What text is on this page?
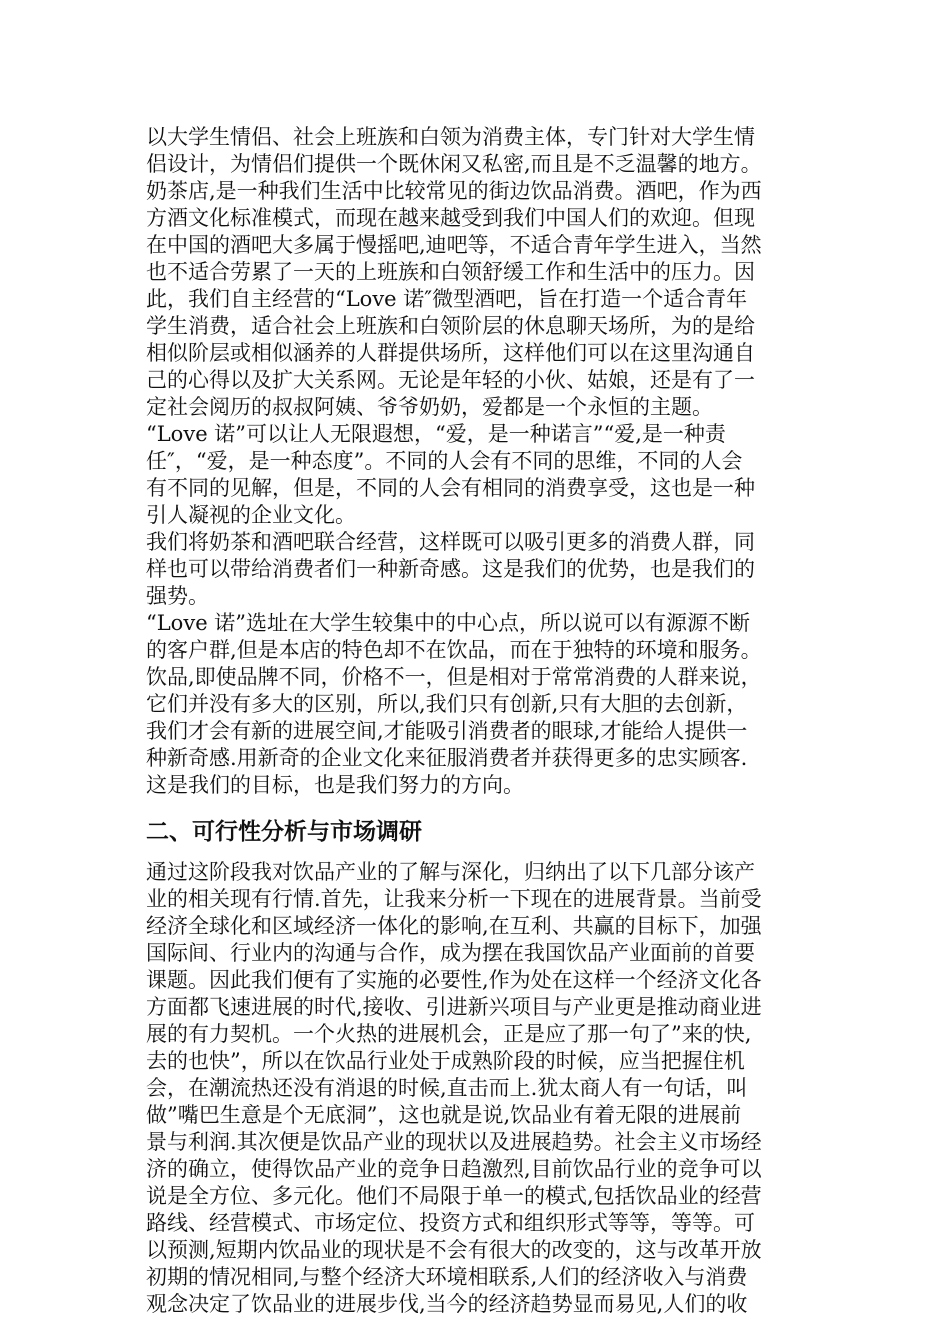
以大学生情侣、社会上班族和白领为消费主体，专门针对大学生情
侣设计，为情侣们提供一个既休闲又私密,而且是不乏温馨的地方。
奶茶店,是一种我们生活中比较常见的街边饮品消费。酒吧，作为西
方酒文化标准模式，而现在越来越受到我们中国人们的欢迎。但现
在中国的酒吧大多属于慢摇吧,迪吧等，不适合青年学生进入，当然
也不适合劳累了一天的上班族和白领舒缓工作和生活中的压力。因
此，我们自主经营的“Love 诺″微型酒吧，旨在打造一个适合青年
学生消费，适合社会上班族和白领阶层的休息聊天场所，为的是给
相似阶层或相似涵养的人群提供场所，这样他们可以在这里沟通自
己的心得以及扩大关系网。无论是年轻的小伙、姑娘，还是有了一
定社会阅历的叔叔阿姨、爷爷奶奶，爱都是一个永恒的主题。
“Love 诺”可以让人无限遐想，“爱，是一种诺言”“爱,是一种责
任″，“爱，是一种态度”。不同的人会有不同的思维，不同的人会
有不同的见解，但是，不同的人会有相同的消费享受，这也是一种
引人凝视的企业文化。
我们将奶茶和酒吧联合经营，这样既可以吸引更多的消费人群，同
样也可以带给消费者们一种新奇感。这是我们的优势，也是我们的
强势。
“Love 诺”选址在大学生较集中的中心点，所以说可以有源源不断
的客户群,但是本店的特色却不在饮品，而在于独特的环境和服务。
饮品,即使品牌不同，价格不一，但是相对于常常消费的人群来说，
它们并没有多大的区别，所以,我们只有创新,只有大胆的去创新，
我们才会有新的进展空间,才能吸引消费者的眼球,才能给人提供一
种新奇感.用新奇的企业文化来征服消费者并获得更多的忠实顾客.
这是我们的目标，也是我们努力的方向。
二、可行性分析与市场调研
通过这阶段我对饮品产业的了解与深化，归纳出了以下几部分该产
业的相关现有行情.首先，让我来分析一下现在的进展背景。当前受
经济全球化和区域经济一体化的影响,在互利、共赢的目标下，加强
国际间、行业内的沟通与合作，成为摆在我国饮品产业面前的首要
课题。因此我们便有了实施的必要性,作为处在这样一个经济文化各
方面都飞速进展的时代,接收、引进新兴项目与产业更是推动商业进
展的有力契机。一个火热的进展机会，正是应了那一句了”来的快,
去的也快”，所以在饮品行业处于成熟阶段的时候，应当把握住机
会，在潮流热还没有消退的时候,直击而上.犹太商人有一句话，叫
做”嘴巴生意是个无底洞”，这也就是说,饮品业有着无限的进展前
景与利润.其次便是饮品产业的现状以及进展趋势。社会主义市场经
济的确立，使得饮品产业的竞争日趋激烈,目前饮品行业的竞争可以
说是全方位、多元化。他们不局限于单一的模式,包括饮品业的经营
路线、经营模式、市场定位、投资方式和组织形式等等，等等。可
以预测,短期内饮品业的现状是不会有很大的改变的，这与改革开放
初期的情况相同,与整个经济大环境相联系,人们的经济收入与消费
观念决定了饮品业的进展步伐,当今的经济趋势显而易见,人们的收
